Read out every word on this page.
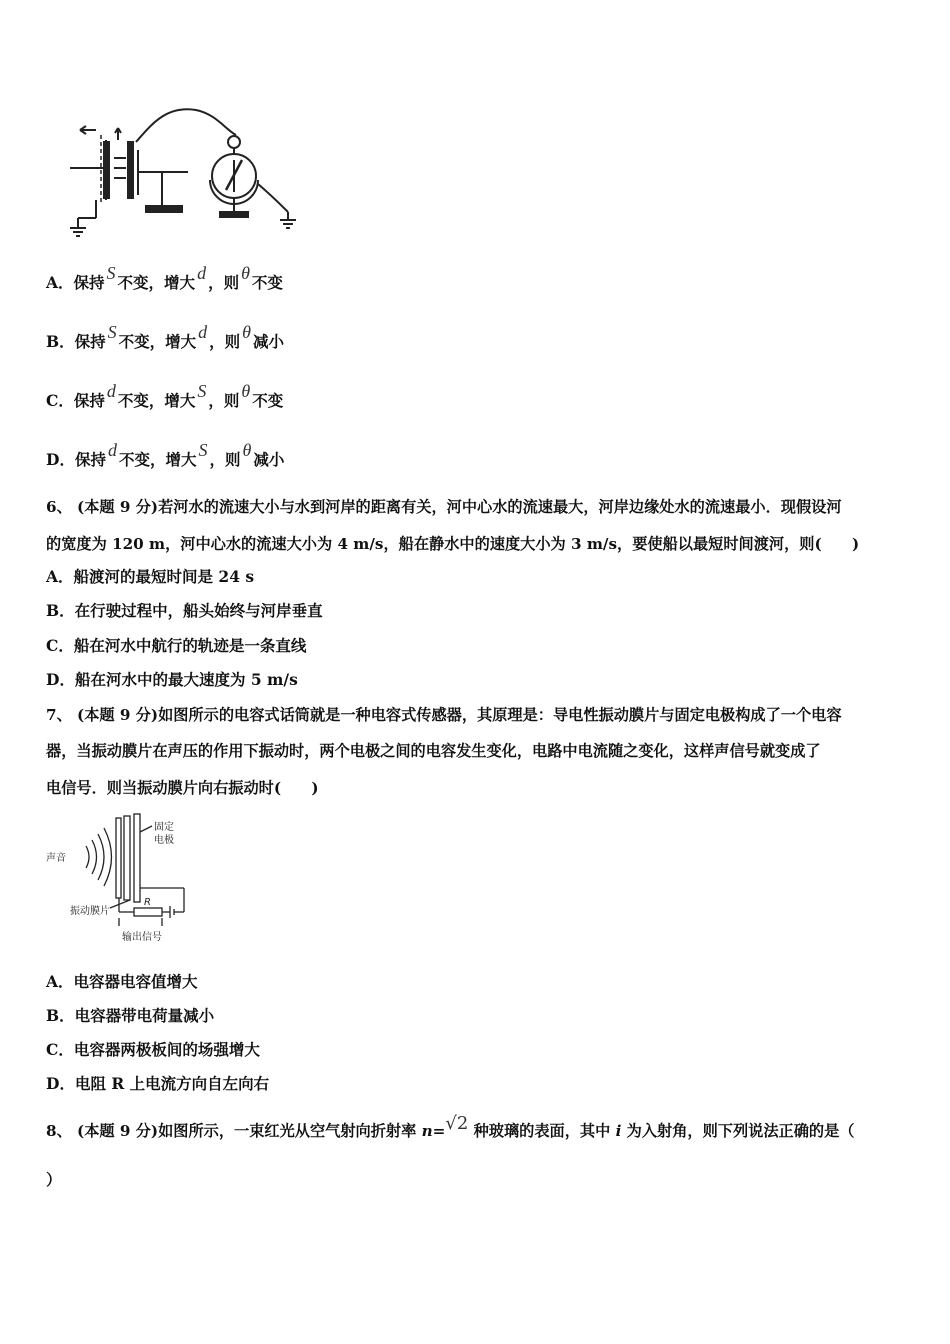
A．保持 S 不变，增大 d ，则 θ 不变
B．保持 S 不变，增大 d ，则 θ 减小
C．保持 d 不变，增大 S ，则 θ 不变
D．保持 d 不变，增大 S ，则 θ 减小
6、 (本题 9 分)若河水的流速大小与水到河岸的距离有关，河中心水的流速最大，河岸边缘处水的流速最小．现假设河
的宽度为 120 m，河中心水的流速大小为 4 m/s，船在静水中的速度大小为 3 m/s，要使船以最短时间渡河，则(　　)
A．船渡河的最短时间是 24 s
B．在行驶过程中，船头始终与河岸垂直
C．船在河水中航行的轨迹是一条直线
D．船在河水中的最大速度为 5 m/s
7、 (本题 9 分)如图所示的电容式话筒就是一种电容式传感器，其原理是：导电性振动膜片与固定电极构成了一个电容
器，当振动膜片在声压的作用下振动时，两个电极之间的电容发生变化，电路中电流随之变化，这样声信号就变成了
电信号．则当振动膜片向右振动时(　　)
声音
固定
电极
振动膜片
R
输出信号
A．电容器电容值增大
B．电容器带电荷量减小
C．电容器两极板间的场强增大
D．电阻 R 上电流方向自左向右
8、 (本题 9 分)如图所示，一束红光从空气射向折射率 n=√2 种玻璃的表面，其中 i 为入射角，则下列说法正确的是（
）
